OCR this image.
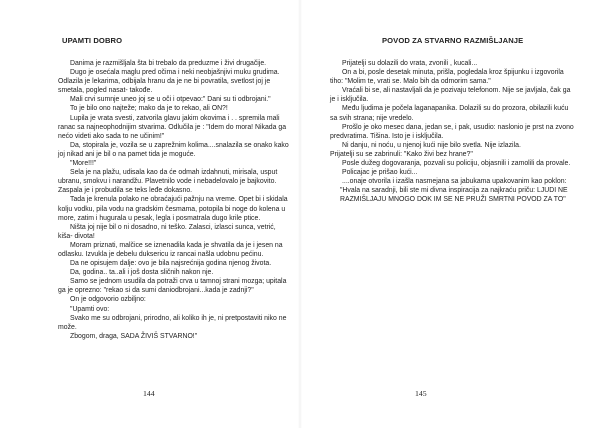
UPAMTI DOBRO

Danima je razmišljala šta bi trebalo da preduzme i živi drugačije.

Dugo je osećala maglu pred očima i neki neobjašnjivi muku grudima. Odlazila je lekarima, odbijala hranu da je ne bi povratila, svetlost joj je smetala, pogled nasat- takođe.

Mali crvi sumnje uneo joj se u oči i otpevao:" Dani su ti odbrojani."

To je bilo ono najteže; mako da je to rekao, ali ON?!

Lupila je vrata svesti, zatvorila glavu jakim okovima i . . spremila mali ranac sa najneophodnijim stvarima. Odlučila je : "Idem do mora! Nikada ga nećo videti ako sada to ne učinim!"

Da, stopirala je, vozila se u zaprežnim kolima....snalazila se onako kako joj nikad ani je bil o na pamet tida je moguće.

"More!!!"

Sela je na plažu, udisala kao da će odmah izdahnuti, mirisala, usput ubranu, smokvu i narandžu. Plavetnilo vode i nebadelovalo je bajkovito. Zaspala je i probudila se teks leđe dokasno.

Tada je krenula polako ne obraćajući pažnju na vreme. Opet bi i skidala kolju vodku, pila vodu na gradskim česmama, potopila bi noge do kolena u more, zatim i hugurala u pesak, legla i posmatrala dugo krile ptice.

Ništa joj nije bil o ni dosadno, ni teško. Zalasci, izlasci sunca, vetrić, kiša- divota!

Moram priznati, malčice se iznenadila kada je shvatila da je i jesen na odlasku. Izvukla je debelu duksericu iz rancai našla udobnu pećinu.

Da ne opisujem dalje: ovo je bila najsrećnija godina njenog života.

Da, godina.. ta..ali i još dosta sličnih nakon nje.

Samo se jednom usudila da potraži crva u tamnoj strani mozga; upitala ga je oprezno: "rekao si da sumi daniodbrojani...kada je zadnji?"

On je odgovorio ozbiljno:

"Upamti ovo:

Svako me su odbrojani, prirodno, ali koliko ih je, ni pretpostaviti niko ne može.

Zbogom, draga, SADA ŽIVIŠ STVARNO!"

144
POVOD ZA STVARNO RAZMIŠLJANJE

Prijatelji su dolazili do vrata, zvonili , kucali...

On a bi, posle desetak minuta, prišla, pogledala kroz špijunku i izgovorila tiho: "Molim te, vrati se. Malo bih da odmorim sama."

Vraćali bi se, ali nastavljali da je pozivaju telefonom. Nije se javljala, čak ga je i isključila.

Među ljudima je počela laganapanika. Dolazili su do prozora, obilazili kuću sa svih strana; nije vredelo.

Prošlo je oko mesec dana, jedan se, i pak, usudio: naslonio je prst na zvono predvratima. Tišina. Isto je i isključila.

Ni danju, ni noću, u njenoj kući nije bilo svetla. Nije izlazila.

Prijatelji su se zabrinuli: "Kako živi bez hrane?"

Posle dužeg dogovaranja, pozvali su policiju, objasnili i zamolili da provale.

Policajac je prišao kući...

....onaje otvorila i izašla nasmejana sa jabukama upakovanim kao poklon:

"Hvala na saradnji, bili ste mi divna inspiracija za najkraću priču: LJUDI NE RAZMIŠLJAJU MNOGO DOK IM SE NE PRUŽI SMRTNI POVOD ZA TO"

145
